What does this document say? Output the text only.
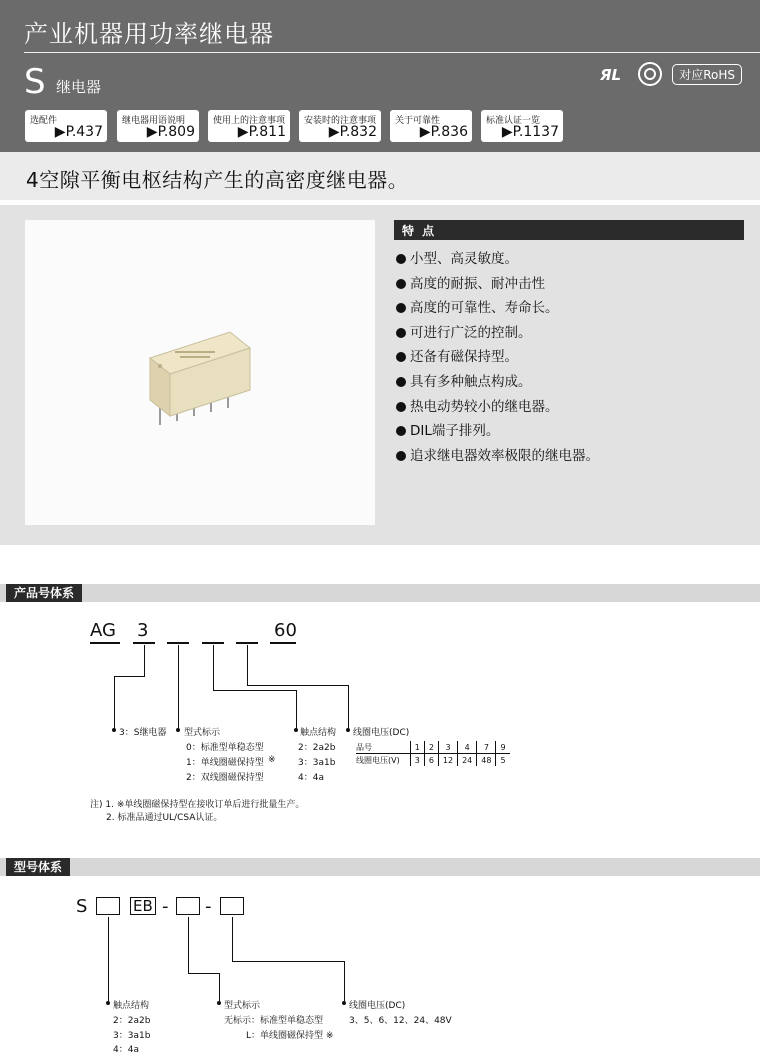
产业机器用功率继电器
S 继电器
ЯL	对应RoHS
选配件
▶P.437
继电器用语说明
▶P.809
使用上的注意事项
▶P.811
安装时的注意事项
▶P.832
关于可靠性
▶P.836
标准认证一览
▶P.1137
4空隙平衡电枢结构产生的高密度继电器。
特 点
小型、高灵敏度。
高度的耐振、耐冲击性
高度的可靠性、寿命长。
可进行广泛的控制。
还备有磁保持型。
具有多种触点构成。
热电动势较小的继电器。
DIL端子排列。
追求继电器效率极限的继电器。
产品号体系
AG 3	60
3：S继电器 型式标示
0：标准型单稳态型
1：单线圈磁保持型 ※
2：双线圈磁保持型
触点结构
2：2a2b
3：3a1b
4：4a
线圈电压(DC)
品号	1	2	3	4	7	9
线圈电压(V)	3	6	12	24	48	5
注) 1. ※单线圈磁保持型在接收订单后进行批量生产。
2. 标准品通过UL/CSA认证。
型号体系
S	EB - -
触点结构
2：2a2b
3：3a1b
4：4a
型式标示
无标示：标准型单稳态型
L：单线圈磁保持型 ※
线圈电压(DC)
3、5、6、12、24、48V
